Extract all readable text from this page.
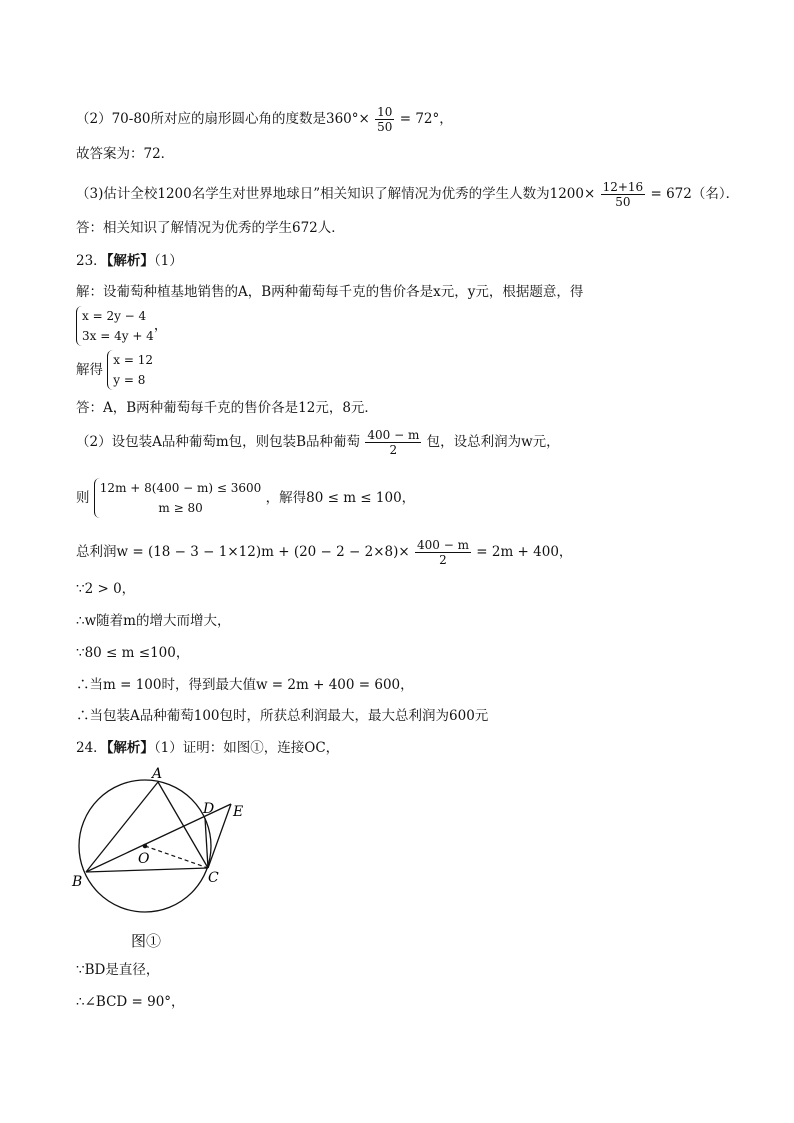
（2）70-80所对应的扇形圆心角的度数是$360^\circ\times \frac{10}{50} = 72^\circ$，
故答案为：72．
（3)估计全校1200名学生对世界地球日”相关知识了解情况为优秀的学生人数为$1200\times \frac{12+16}{50} = 672$（名）．
答：相关知识了解情况为优秀的学生672人．
23．【解析】（1）
解：设葡萄种植基地销售的A，B两种葡萄每千克的售价各是x元，y元，根据题意，得
x = 2y − 4
3x = 4y + 4
，
解得
x = 12
y = 8
答：A，B两种葡萄每千克的售价各是12元，8元．
（2）设包装A品种葡萄m包，则包装B品种葡萄 $\frac{400 - m}{2}$ 包，设总利润为w元，
则
12m + 8(400 − m) ≤ 3600
m ≥ 80
，解得80 ≤ m ≤ 100，
总利润$w = (18 - 3 - 1\times 12)m + (20 - 2 - 2\times 8)\times \frac{400 - m}{2} = 2m + 400$，
∵2 > 0，
∴w随着m的增大而增大，
∵80 ≤ m ≤100，
∴当m = 100时，得到最大值w = 2m + 400 = 600，
∴当包装A品种葡萄100包时，所获总利润最大，最大总利润为600元
24．【解析】（1）证明：如图①，连接OC，
A
D E
O
B	C
图①
∵BD是直径，
∴∠BCD = 90°，
